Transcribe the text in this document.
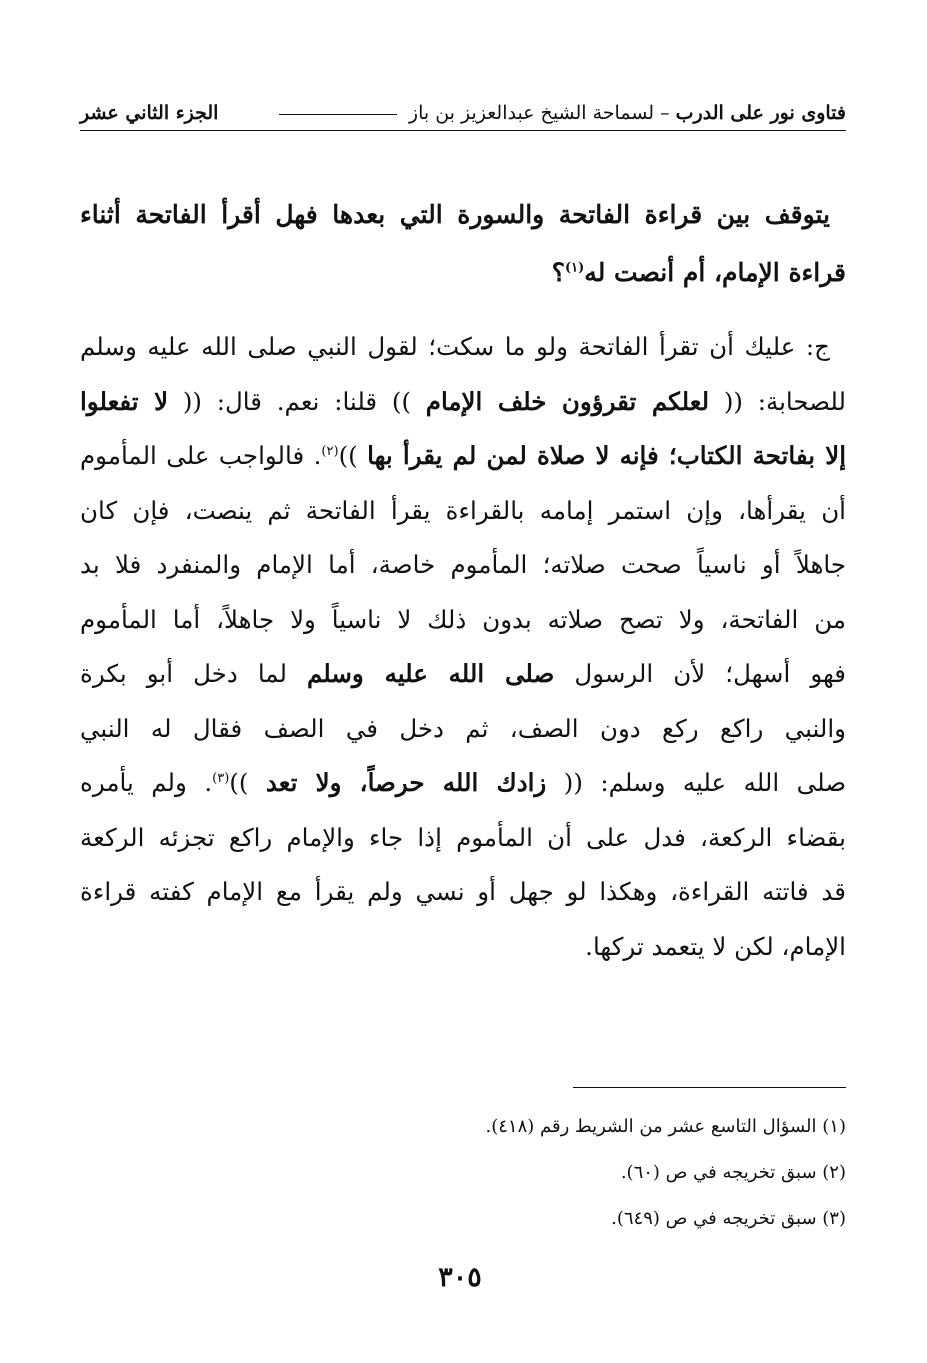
فتاوى نور على الدرب – لسماحة الشيخ عبدالعزيز بن باز
الجزء الثاني عشر
يتوقف بين قراءة الفاتحة والسورة التي بعدها فهل أقرأ الفاتحة أثناء
قراءة الإمام، أم أنصت له$^{(١)}$؟
ج: عليك أن تقرأ الفاتحة ولو ما سكت؛ لقول النبي صلى الله عليه وسلم
للصحابة: (( لعلكم تقرؤون خلف الإمام )) قلنا: نعم. قال: (( لا تفعلوا
إلا بفاتحة الكتاب؛ فإنه لا صلاة لمن لم يقرأ بها ))$^{(٢)}$. فالواجب على المأموم
أن يقرأها، وإن استمر إمامه بالقراءة يقرأ الفاتحة ثم ينصت، فإن كان
جاهلاً أو ناسياً صحت صلاته؛ المأموم خاصة، أما الإمام والمنفرد فلا بد
من الفاتحة، ولا تصح صلاته بدون ذلك لا ناسياً ولا جاهلاً، أما المأموم
فهو أسهل؛ لأن الرسول صلى الله عليه وسلم لما دخل أبو بكرة
والنبي راكع ركع دون الصف، ثم دخل في الصف فقال له النبي
صلى الله عليه وسلم: (( زادك الله حرصاً، ولا تعد ))$^{(٣)}$. ولم يأمره
بقضاء الركعة، فدل على أن المأموم إذا جاء والإمام راكع تجزئه الركعة
قد فاتته القراءة، وهكذا لو جهل أو نسي ولم يقرأ مع الإمام كفته قراءة
الإمام، لكن لا يتعمد تركها.
(١) السؤال التاسع عشر من الشريط رقم (٤١٨).
(٢) سبق تخريجه في ص (٦٠).
(٣) سبق تخريجه في ص (٦٤٩).
٣٠٥
